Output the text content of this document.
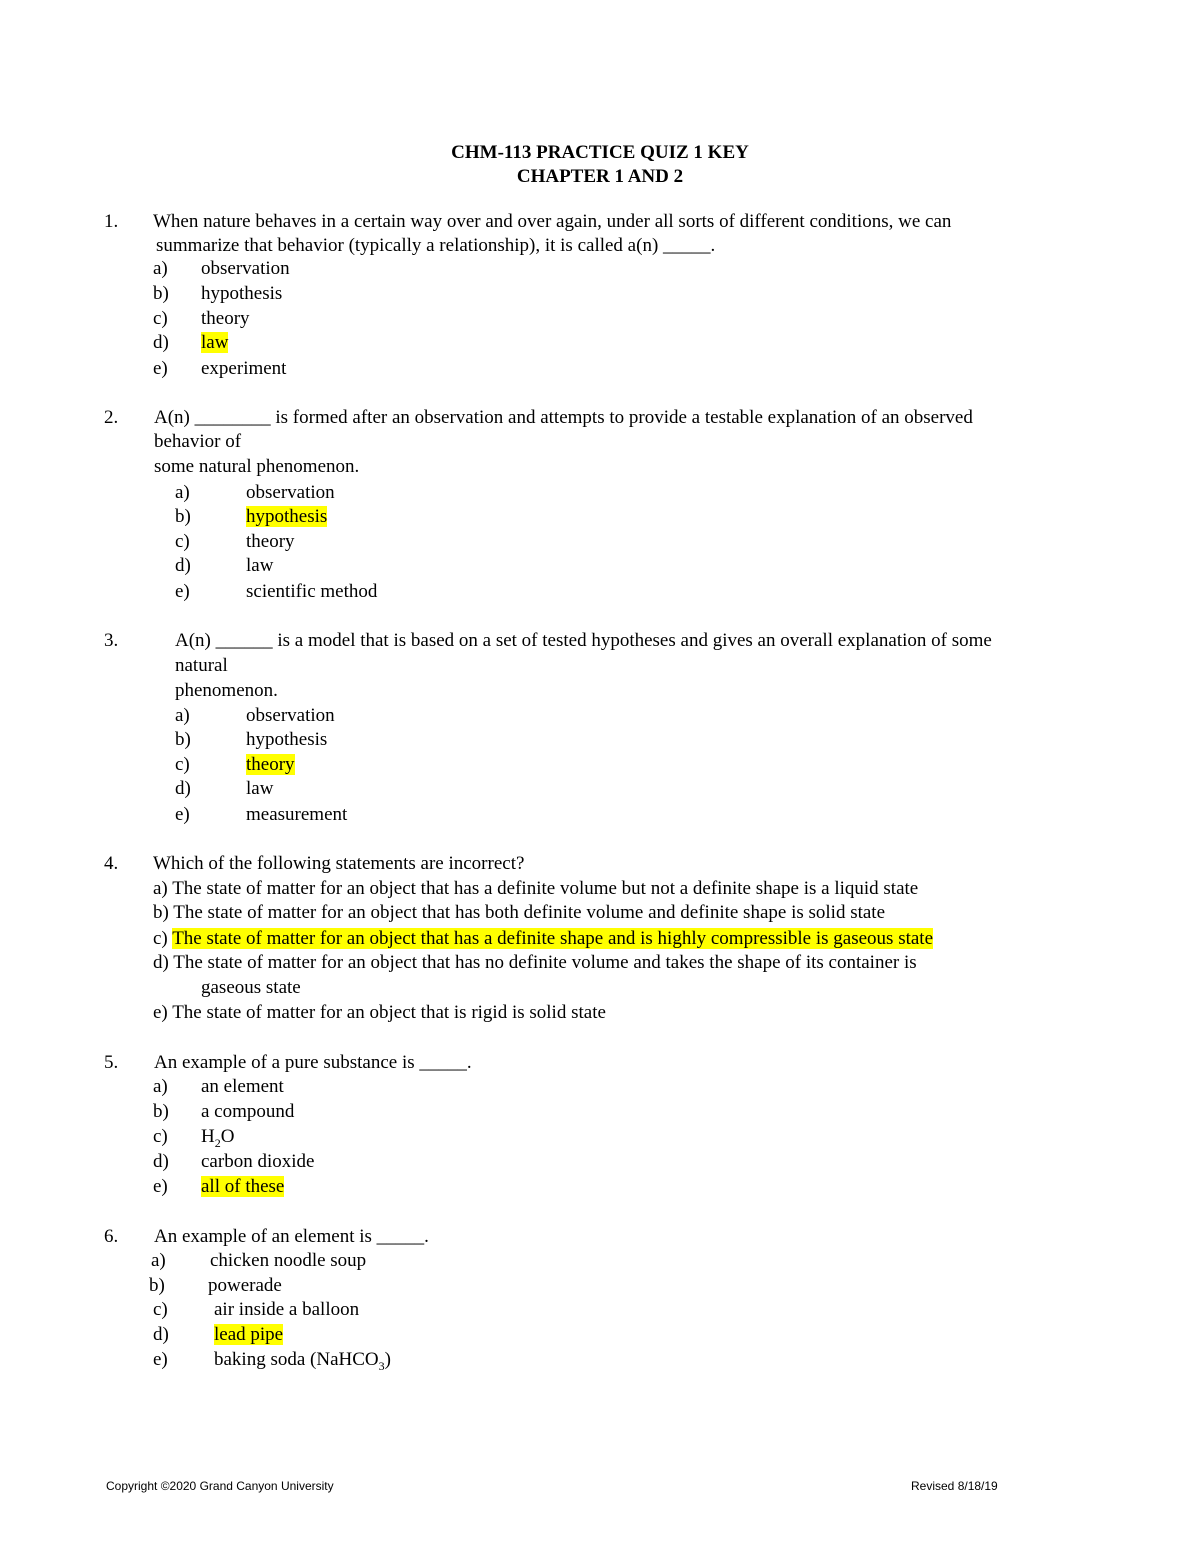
CHM-113 PRACTICE QUIZ 1 KEY
CHAPTER 1 AND 2
1. When nature behaves in a certain way over and over again, under all sorts of different conditions, we can
summarize that behavior (typically a relationship), it is called a(n) _____.
a) observation
b) hypothesis
c) theory
d) law
e) experiment
2. A(n) ________ is formed after an observation and attempts to provide a testable explanation of an observed
behavior of
some natural phenomenon.
a)	observation
b)	hypothesis
c)	theory
d)	law
e)	scientific method
3.	A(n) ______ is a model that is based on a set of tested hypotheses and gives an overall explanation of some
natural
phenomenon.
a)	observation
b)	hypothesis
c)	theory
d)	law
e)	measurement
4. Which of the following statements are incorrect?
a) The state of matter for an object that has a definite volume but not a definite shape is a liquid state
b) The state of matter for an object that has both definite volume and definite shape is solid state
c) The state of matter for an object that has a definite shape and is highly compressible is gaseous state
d) The state of matter for an object that has no definite volume and takes the shape of its container is
gaseous state
e) The state of matter for an object that is rigid is solid state
5. An example of a pure substance is _____.
a) an element
b) a compound
c) $H_2O$
d) carbon dioxide
e) all of these
6. An example of an element is _____.
a) chicken noodle soup
b) powerade
c) air inside a balloon
d) lead pipe
e) baking soda (NaHCO$_3$)
Copyright ©2020 Grand Canyon University	Revised 8/18/19
